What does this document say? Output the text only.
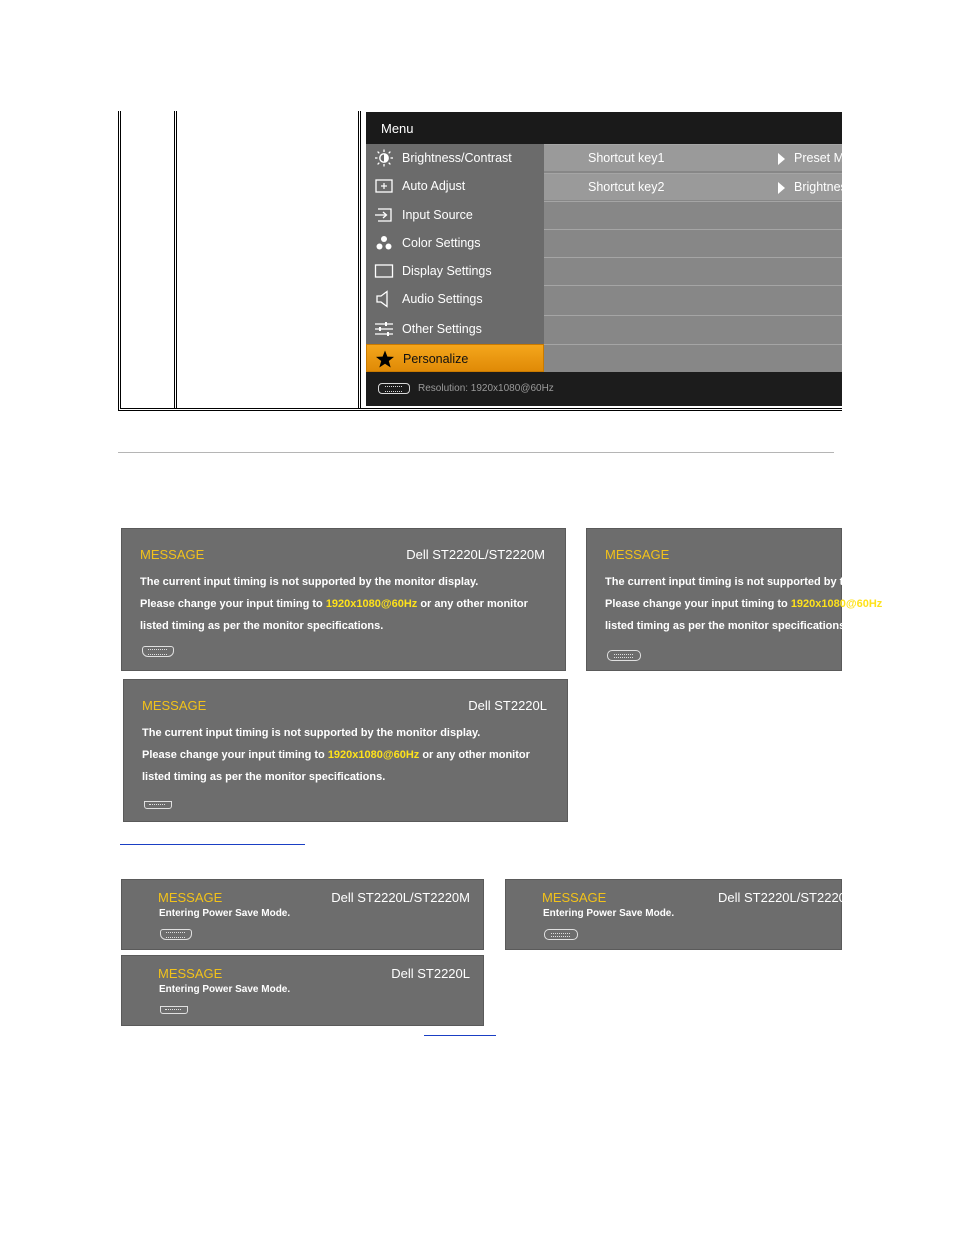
Menu
Brightness/Contrast
Auto Adjust
Input Source
Color Settings
Display Settings
Audio Settings
Other Settings
Personalize
Shortcut key1	Preset Modes
Shortcut key2	Brightness/Contrast
Resolution: 1920x1080@60Hz
MESSAGE	Dell ST2220L/ST2220M
The current input timing is not supported by the monitor display.
Please change your input timing to 1920x1080@60Hz or any other monitor
listed timing as per the monitor specifications.
MESSAGE
The current input timing is not supported by the monitor display.
Please change your input timing to 1920x1080@60Hz
listed timing as per the monitor specifications.
MESSAGE	Dell ST2220L
The current input timing is not supported by the monitor display.
Please change your input timing to 1920x1080@60Hz or any other monitor
listed timing as per the monitor specifications.
MESSAGE	Dell ST2220L/ST2220M
Entering Power Save Mode.
MESSAGE	Dell ST2220L/ST2220M
Entering Power Save Mode.
MESSAGE	Dell ST2220L
Entering Power Save Mode.
